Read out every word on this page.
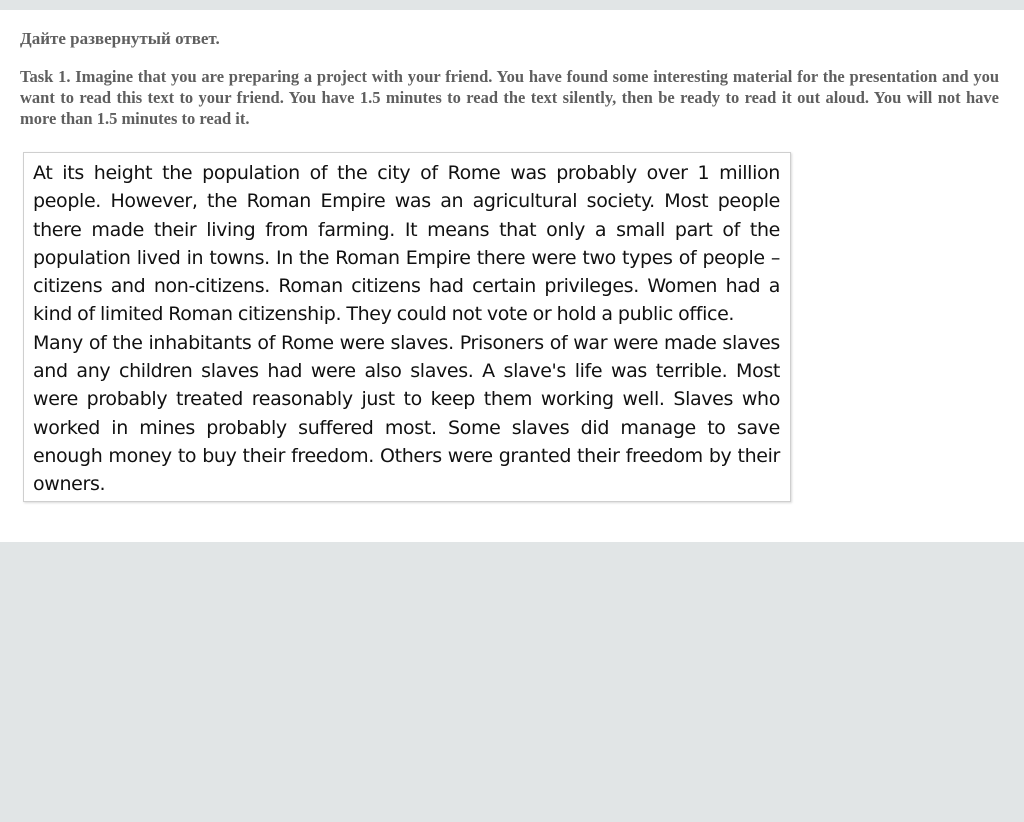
Дайте развернутый ответ.

Task 1. Imagine that you are preparing a project with your friend. You have found some interesting material for the presentation and you want to read this text to your friend. You have 1.5 minutes to read the text silently, then be ready to read it out aloud. You will not have more than 1.5 minutes to read it.

At its height the population of the city of Rome was probably over 1 million people. However, the Roman Empire was an agricultural society. Most people there made their living from farming. It means that only a small part of the population lived in towns. In the Roman Empire there were two types of people – citizens and non-citizens. Roman citizens had certain privileges. Women had a kind of limited Roman citizenship. They could not vote or hold a public office.

Many of the inhabitants of Rome were slaves. Prisoners of war were made slaves and any children slaves had were also slaves. A slave's life was terrible. Most were probably treated reasonably just to keep them working well. Slaves who worked in mines probably suffered most. Some slaves did manage to save enough money to buy their freedom. Others were granted their freedom by their owners.
